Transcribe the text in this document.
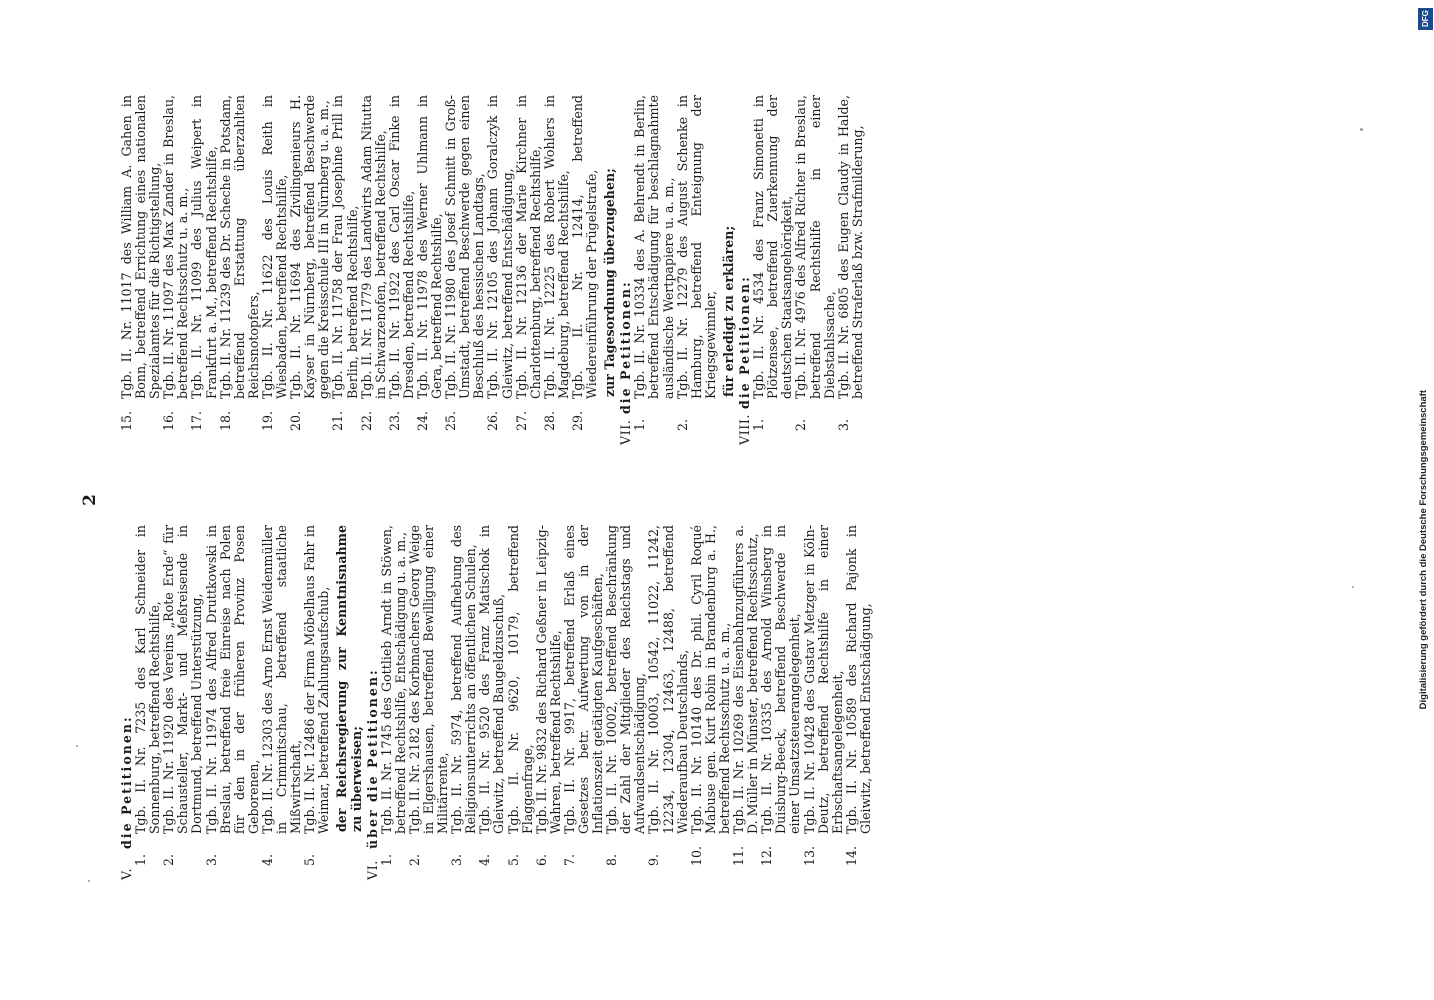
2
V. die Petitionen:
1.
Tgb. II. Nr. 7235 des Karl Schneider in Sonnenburg, betreffend Rechtshilfe,
2.
Tgb. II. Nr. 11920 des Vereins „Rote Erde“ für Schausteller, Markt- und Meßreisende in Dortmund, betreffend Unterstützung,
3.
Tgb. II. Nr. 11974 des Alfred Druttkowski in Breslau, betreffend freie Einreise nach Polen für den in der früheren Provinz Posen Geborenen,
4.
Tgb. II. Nr. 12303 des Arno Ernst Weidenmüller in Crimmitschau, betreffend staatliche Mißwirtschaft,
5.
Tgb. II. Nr. 12486 der Firma Möbelhaus Fahr in Weimar, betreffend Zahlungsaufschub, der Reichsregierung zur Kenntnisnahme zu überweisen;
VI. über die Petitionen:
1.
Tgb. II. Nr. 1745 des Gottlieb Arndt in Stöwen, betreffend Rechtshilfe, Entschädigung u. a. m.,
2.
Tgb. II. Nr. 2182 des Korbmachers Georg Weige in Elgershausen, betreffend Bewilligung einer Militärrente,
3.
Tgb. II. Nr. 5974, betreffend Aufhebung des Religionsunterrichts an öffentlichen Schulen,
4.
Tgb. II. Nr. 9520 des Franz Matischok in Gleiwitz, betreffend Baugeldzuschuß,
5.
Tgb. II. Nr. 9620, 10179, betreffend Flaggenfrage,
6.
Tgb. II. Nr. 9832 des Richard Geßner in Leipzig-Wahren, betreffend Rechtshilfe,
7.
Tgb. II. Nr. 9917, betreffend Erlaß eines Gesetzes betr. Aufwertung von in der Inflationszeit getätigten Kaufgeschäften,
8.
Tgb. II. Nr. 10002, betreffend Beschränkung der Zahl der Mitglieder des Reichstags und Aufwandsentschädigung,
9.
Tgb. II. Nr. 10003, 10542, 11022, 11242, 12234, 12304, 12463, 12488, betreffend Wiederaufbau Deutschlands,
10.
Tgb. II. Nr. 10140 des Dr. phil. Cyril Roqué Mabuse gen. Kurt Robin in Brandenburg a. H., betreffend Rechtsschutz u. a. m.,
11.
Tgb. II. Nr. 10269 des Eisenbahnzugführers a. D. Müller in Münster, betreffend Rechtsschutz,
12.
Tgb. II. Nr. 10335 des Arnold Winsberg in Duisburg-Beeck, betreffend Beschwerde in einer Umsatzsteuerangelegenheit,
13.
Tgb. II. Nr. 10428 des Gustav Metzger in Köln-Deutz, betreffend Rechtshilfe in einer Erbschaftsangelegenheit,
14.
Tgb. II. Nr. 10589 des Richard Pajonk in Gleiwitz, betreffend Entschädigung,
15.
Tgb. II. Nr. 11017 des William A. Gahen in Bonn, betreffend Errichtung eines nationalen Spezialamtes für die Richtigstellung,
16.
Tgb. II. Nr. 11097 des Max Zander in Breslau, betreffend Rechtsschutz u. a. m.,
17.
Tgb. II. Nr. 11099 des Julius Weipert in Frankfurt a. M., betreffend Rechtshilfe,
18.
Tgb. II. Nr. 11239 des Dr. Scheche in Potsdam, betreffend Erstattung überzahlten Reichsnotopfers,
19.
Tgb. II. Nr. 11622 des Louis Reith in Wiesbaden, betreffend Rechtshilfe,
20.
Tgb. II. Nr. 11694 des Zivilingenieurs H. Kayser in Nürnberg, betreffend Beschwerde gegen die Kreisschule III in Nürnberg u. a. m.,
21.
Tgb. II. Nr. 11758 der Frau Josephine Prill in Berlin, betreffend Rechtshilfe,
22.
Tgb. II. Nr. 11779 des Landwirts Adam Nitutta in Schwarzenofen, betreffend Rechtshilfe,
23.
Tgb. II. Nr. 11922 des Carl Oscar Finke in Dresden, betreffend Rechtshilfe,
24.
Tgb. II. Nr. 11978 des Werner Uhlmann in Gera, betreffend Rechtshilfe,
25.
Tgb. II. Nr. 11980 des Josef Schmitt in Groß-Umstadt, betreffend Beschwerde gegen einen Beschluß des hessischen Landtags,
26.
Tgb. II. Nr. 12105 des Johann Goralczyk in Gleiwitz, betreffend Entschädigung,
27.
Tgb. II. Nr. 12136 der Marie Kirchner in Charlottenburg, betreffend Rechtshilfe,
28.
Tgb. II. Nr. 12225 des Robert Wohlers in Magdeburg, betreffend Rechtshilfe,
29.
Tgb. II. Nr. 12414, betreffend Wiedereinführung der Prügelstrafe, zur Tagesordnung überzugehen;
VII. die Petitionen:
1.
Tgb. II. Nr. 10334 des A. Behrendt in Berlin, betreffend Entschädigung für beschlagnahmte ausländische Wertpapiere u. a. m.,
2.
Tgb. II. Nr. 12279 des August Schenke in Hamburg, betreffend Enteignung der Kriegsgewinnler, für erledigt zu erklären;
VIII. die Petitionen:
1.
Tgb. II. Nr. 4534 des Franz Simonetti in Plötzensee, betreffend Zuerkennung der deutschen Staatsangehörigkeit,
2.
Tgb. II. Nr. 4976 des Alfred Richter in Breslau, betreffend Rechtshilfe in einer Diebstahlssache,
3.
Tgb. II. Nr. 6805 des Eugen Claudy in Halde, betreffend Straferlaß bzw. Strafmilderung,
DFG
Digitalisierung gefördert durch die Deutsche Forschungsgemeinschaft
